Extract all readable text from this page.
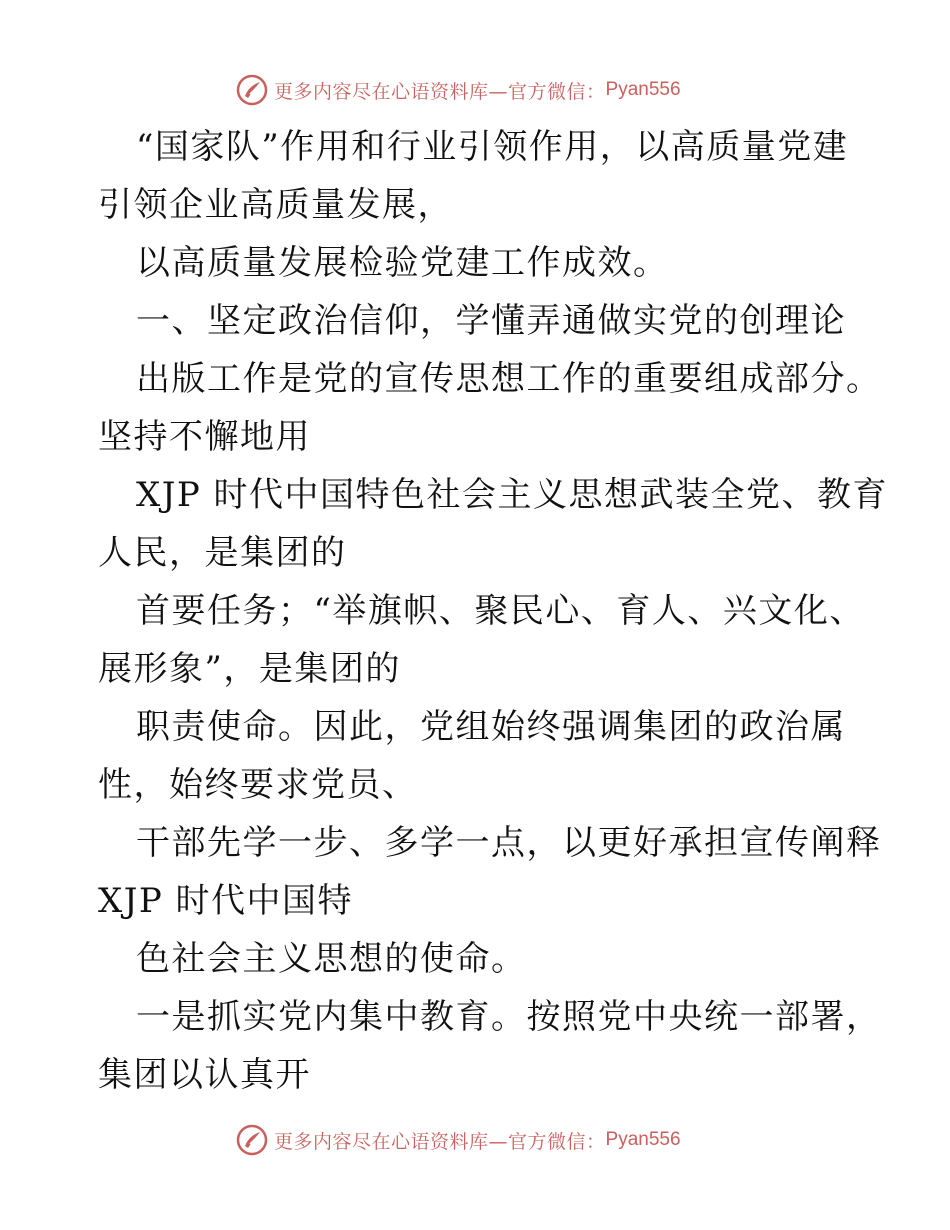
更多内容尽在心语资料库—官方微信： Pyan556
“国家队”作用和行业引领作用，以高质量党建
引领企业高质量发展，
以高质量发展检验党建工作成效。
一、坚定政治信仰，学懂弄通做实党的创理论
出版工作是党的宣传思想工作的重要组成部分。
坚持不懈地用
XJP 时代中国特色社会主义思想武装全党、教育
人民，是集团的
首要任务；“举旗帜、聚民心、育人、兴文化、
展形象”，是集团的
职责使命。因此，党组始终强调集团的政治属
性，始终要求党员、
干部先学一步、多学一点，以更好承担宣传阐释
XJP 时代中国特
色社会主义思想的使命。
一是抓实党内集中教育。按照党中央统一部署，
集团以认真开
更多内容尽在心语资料库—官方微信： Pyan556
